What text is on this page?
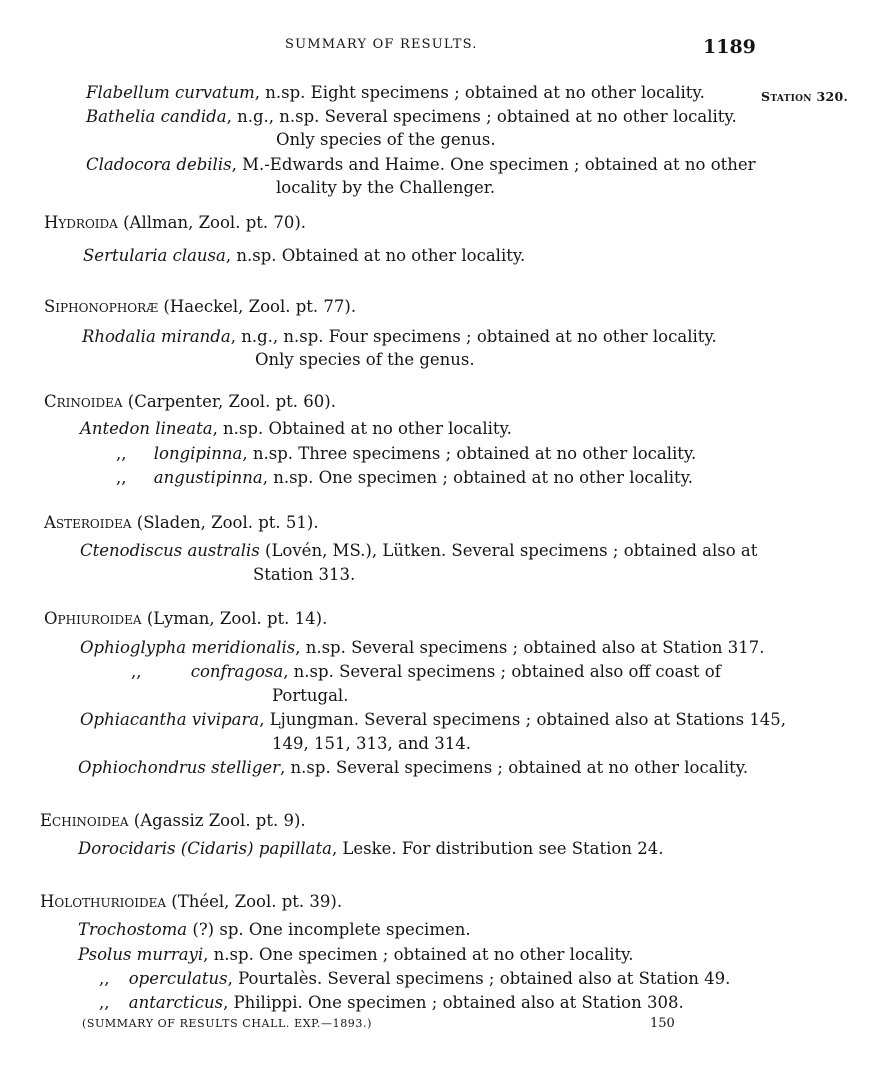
SUMMARY OF RESULTS.	1189
Station 320.
Flabellum curvatum, n.sp. Eight specimens ; obtained at no other locality.
Bathelia candida, n.g., n.sp. Several specimens ; obtained at no other locality.
Only species of the genus.
Cladocora debilis, M.-Edwards and Haime. One specimen ; obtained at no other
locality by the Challenger.
Hydroida (Allman, Zool. pt. 70).
Sertularia clausa, n.sp. Obtained at no other locality.
Siphonophoræ (Haeckel, Zool. pt. 77).
Rhodalia miranda, n.g., n.sp. Four specimens ; obtained at no other locality.
Only species of the genus.
Crinoidea (Carpenter, Zool. pt. 60).
Antedon lineata, n.sp. Obtained at no other locality.
,, longipinna, n.sp. Three specimens ; obtained at no other locality.
,, angustipinna, n.sp. One specimen ; obtained at no other locality.
Asteroidea (Sladen, Zool. pt. 51).
Ctenodiscus australis (Lovén, MS.), Lütken. Several specimens ; obtained also at
Station 313.
Ophiuroidea (Lyman, Zool. pt. 14).
Ophioglypha meridionalis, n.sp. Several specimens ; obtained also at Station 317.
,,	confragosa, n.sp. Several specimens ; obtained also off coast of
Portugal.
Ophiacantha vivipara, Ljungman. Several specimens ; obtained also at Stations 145,
149, 151, 313, and 314.
Ophiochondrus stelliger, n.sp. Several specimens ; obtained at no other locality.
Echinoidea (Agassiz Zool. pt. 9).
Dorocidaris (Cidaris) papillata, Leske. For distribution see Station 24.
Holothurioidea (Théel, Zool. pt. 39).
Trochostoma (?) sp. One incomplete specimen.
Psolus murrayi, n.sp. One specimen ; obtained at no other locality.
,, operculatus, Pourtalès. Several specimens ; obtained also at Station 49.
,, antarcticus, Philippi. One specimen ; obtained also at Station 308.
(SUMMARY OF RESULTS CHALL. EXP.—1893.)	150
